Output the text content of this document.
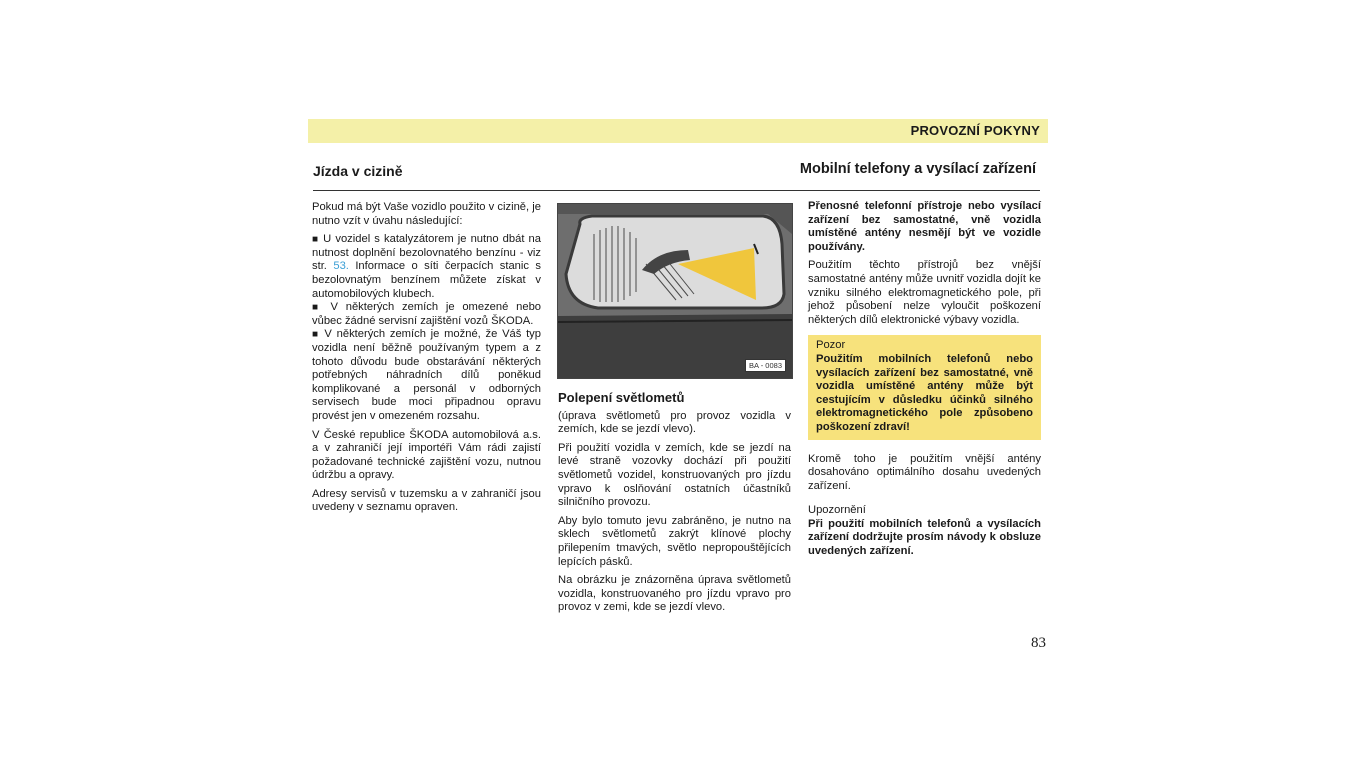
PROVOZNÍ POKYNY
Jízda v cizině	Mobilní telefony a vysílací zařízení

Pokud má být Vaše vozidlo použito v cizině, je nutno vzít v úvahu následující:

■ U vozidel s katalyzátorem je nutno dbát na nutnost doplnění bezolovnatého benzínu - viz str. 53. Informace o síti čerpacích stanic s bezolovnatým benzínem můžete získat v automobilových klubech.

■ V některých zemích je omezené nebo vůbec žádné servisní zajištění vozů ŠKODA.

■ V některých zemích je možné, že Váš typ vozidla není běžně používaným typem a z tohoto důvodu bude obstarávání některých potřebných náhradních dílů poněkud komplikované a personál v odborných servisech bude moci připadnou opravu provést jen v omezeném rozsahu.

V České republice ŠKODA automobilová a.s. a v zahraničí její importéři Vám rádi zajistí požadované technické zajištění vozu, nutnou údržbu a opravy.

Adresy servisů v tuzemsku a v zahraničí jsou uvedeny v seznamu opraven.

BA - 0083

Polepení světlometů

(úprava světlometů pro provoz vozidla v zemích, kde se jezdí vlevo).

Při použití vozidla v zemích, kde se jezdí na levé straně vozovky dochází při použití světlometů vozidel, konstruovaných pro jízdu vpravo k oslňování ostatních účastníků silničního provozu.

Aby bylo tomuto jevu zabráněno, je nutno na sklech světlometů zakrýt klínové plochy přilepením tmavých, světlo nepropouštějících lepících pásků.

Na obrázku je znázorněna úprava světlometů vozidla, konstruovaného pro jízdu vpravo pro provoz v zemi, kde se jezdí vlevo.

Přenosné telefonní přístroje nebo vysílací zařízení bez samostatné, vně vozidla umístěné antény nesmějí být ve vozidle používány.

Použitím těchto přístrojů bez vnější samostatné antény může uvnitř vozidla dojít ke vzniku silného elektromagnetického pole, při jehož působení nelze vyloučit poškození některých dílů elektronické výbavy vozidla.

Pozor

Použitím mobilních telefonů nebo vysílacích zařízení bez samostatné, vně vozidla umístěné antény může být cestujícím v důsledku účinků silného elektromagnetického pole způsobeno poškození zdraví!

Kromě toho je použitím vnější antény dosahováno optimálního dosahu uvedených zařízení.

Upozornění

Při použití mobilních telefonů a vysílacích zařízení dodržujte prosím návody k obsluze uvedených zařízení.

83
